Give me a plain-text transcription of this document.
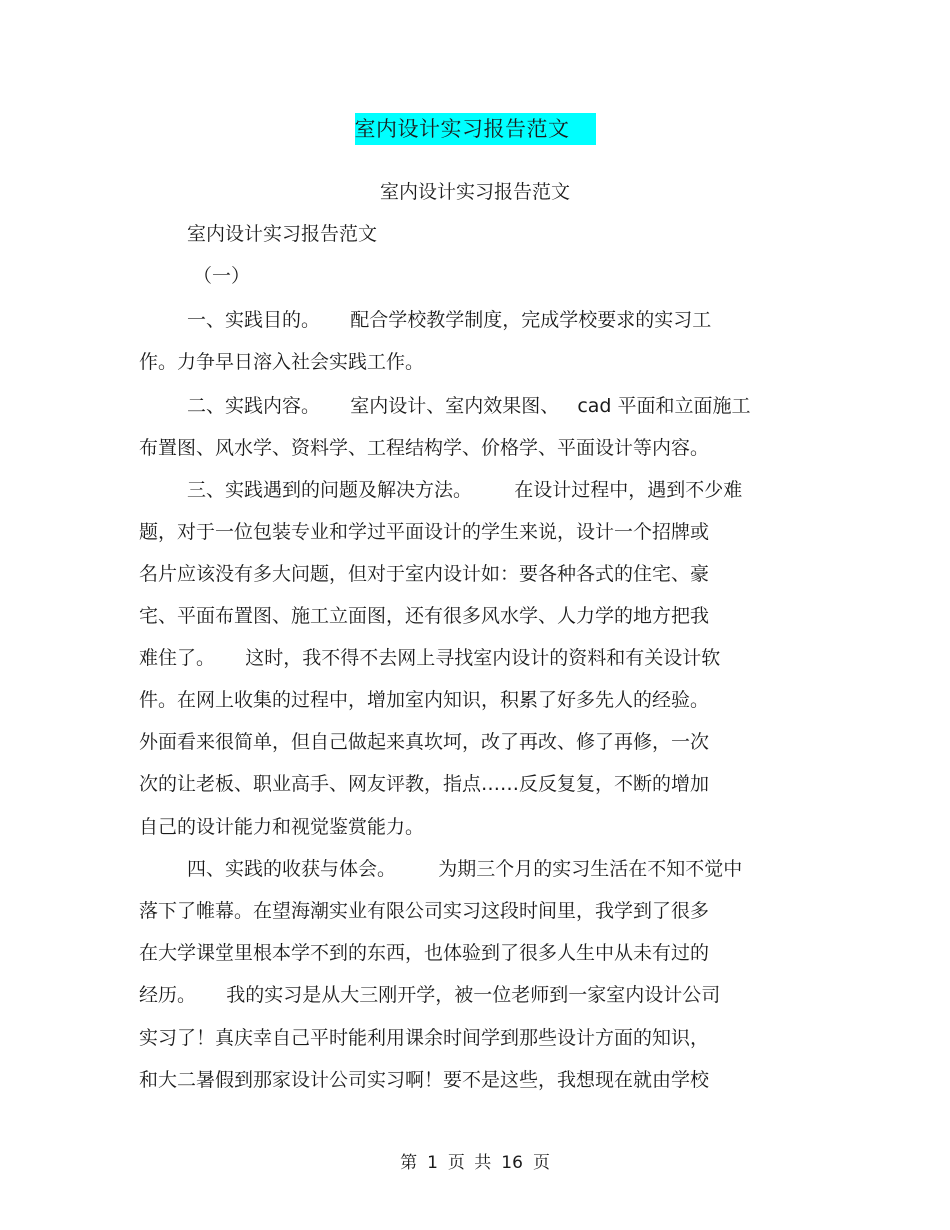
室内设计实习报告范文
室内设计实习报告范文
室内设计实习报告范文
（一）
一、实践目的。     配合学校教学制度，完成学校要求的实习工
作。力争早日溶入社会实践工作。
二、实践内容。     室内设计、室内效果图、   cad 平面和立面施工
布置图、风水学、资料学、工程结构学、价格学、平面设计等内容。
三、实践遇到的问题及解决方法。       在设计过程中，遇到不少难
题，对于一位包装专业和学过平面设计的学生来说，设计一个招牌或
名片应该没有多大问题，但对于室内设计如：要各种各式的住宅、豪
宅、平面布置图、施工立面图，还有很多风水学、人力学的地方把我
难住了。     这时，我不得不去网上寻找室内设计的资料和有关设计软
件。在网上收集的过程中，增加室内知识，积累了好多先人的经验。
外面看来很简单，但自己做起来真坎坷，改了再改、修了再修，一次
次的让老板、职业高手、网友评教，指点……反反复复，不断的增加
自己的设计能力和视觉鉴赏能力。
四、实践的收获与体会。       为期三个月的实习生活在不知不觉中
落下了帷幕。在望海潮实业有限公司实习这段时间里，我学到了很多
在大学课堂里根本学不到的东西，也体验到了很多人生中从未有过的
经历。     我的实习是从大三刚开学，被一位老师到一家室内设计公司
实习了！真庆幸自己平时能利用课余时间学到那些设计方面的知识，
和大二暑假到那家设计公司实习啊！要不是这些，我想现在就由学校
第 1 页 共 16 页
